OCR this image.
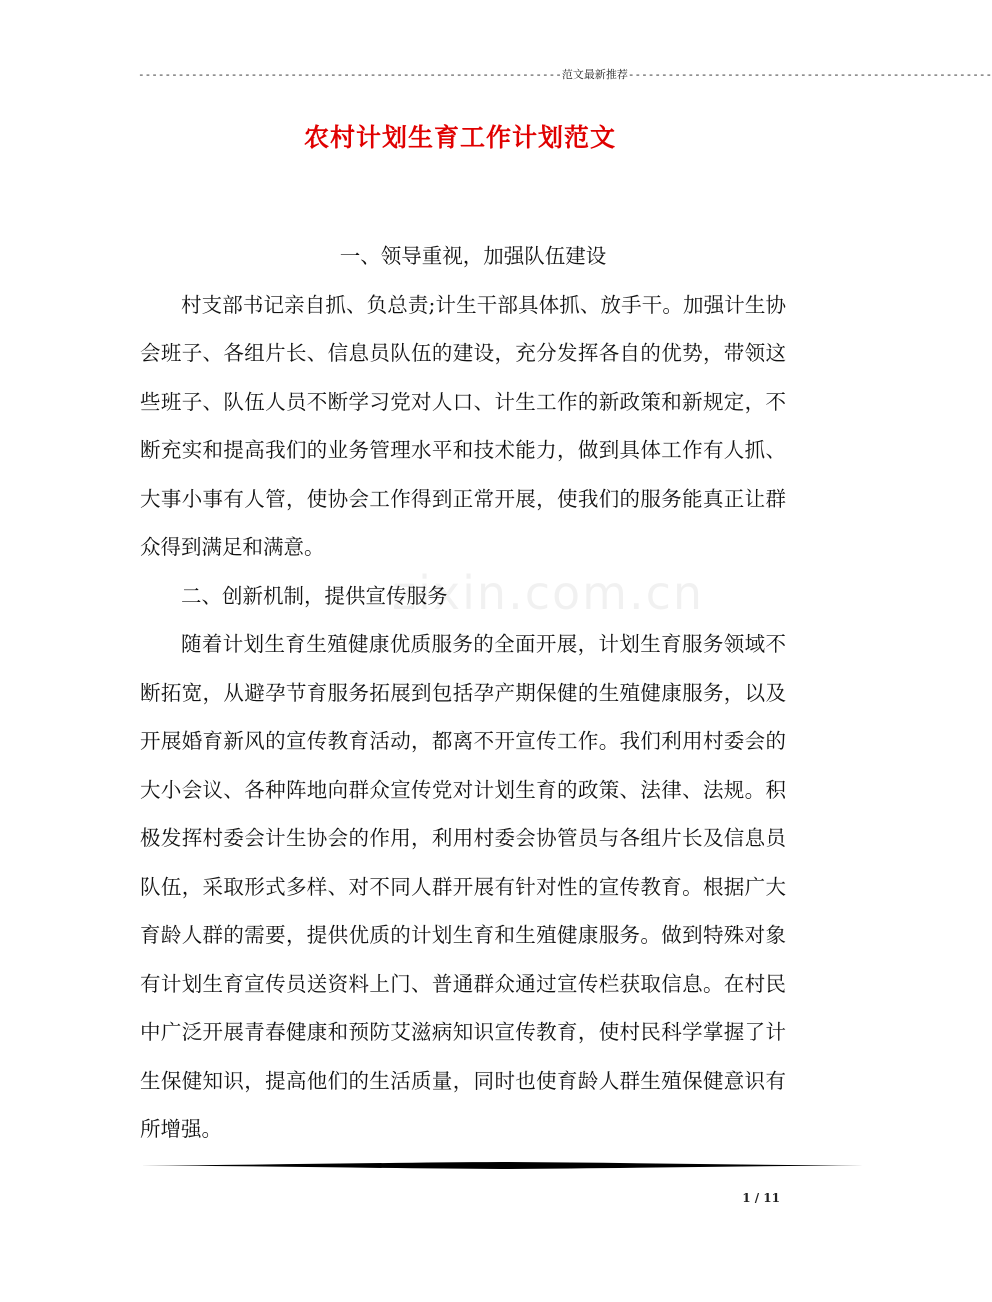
----------------------------------------------------------------范文最新推荐-------------------------------------------------------
农村计划生育工作计划范文
zixin.com.cn

一、领导重视，加强队伍建设

村支部书记亲自抓、负总责;计生干部具体抓、放手干。加强计生协会班子、各组片长、信息员队伍的建设，充分发挥各自的优势，带领这些班子、队伍人员不断学习党对人口、计生工作的新政策和新规定，不断充实和提高我们的业务管理水平和技术能力，做到具体工作有人抓、大事小事有人管，使协会工作得到正常开展，使我们的服务能真正让群众得到满足和满意。

二、创新机制，提供宣传服务

随着计划生育生殖健康优质服务的全面开展，计划生育服务领域不断拓宽，从避孕节育服务拓展到包括孕产期保健的生殖健康服务，以及开展婚育新风的宣传教育活动，都离不开宣传工作。我们利用村委会的大小会议、各种阵地向群众宣传党对计划生育的政策、法律、法规。积极发挥村委会计生协会的作用，利用村委会协管员与各组片长及信息员队伍，采取形式多样、对不同人群开展有针对性的宣传教育。根据广大育龄人群的需要，提供优质的计划生育和生殖健康服务。做到特殊对象有计划生育宣传员送资料上门、普通群众通过宣传栏获取信息。在村民中广泛开展青春健康和预防艾滋病知识宣传教育，使村民科学掌握了计生保健知识，提高他们的生活质量，同时也使育龄人群生殖保健意识有所增强。

1 / 11
